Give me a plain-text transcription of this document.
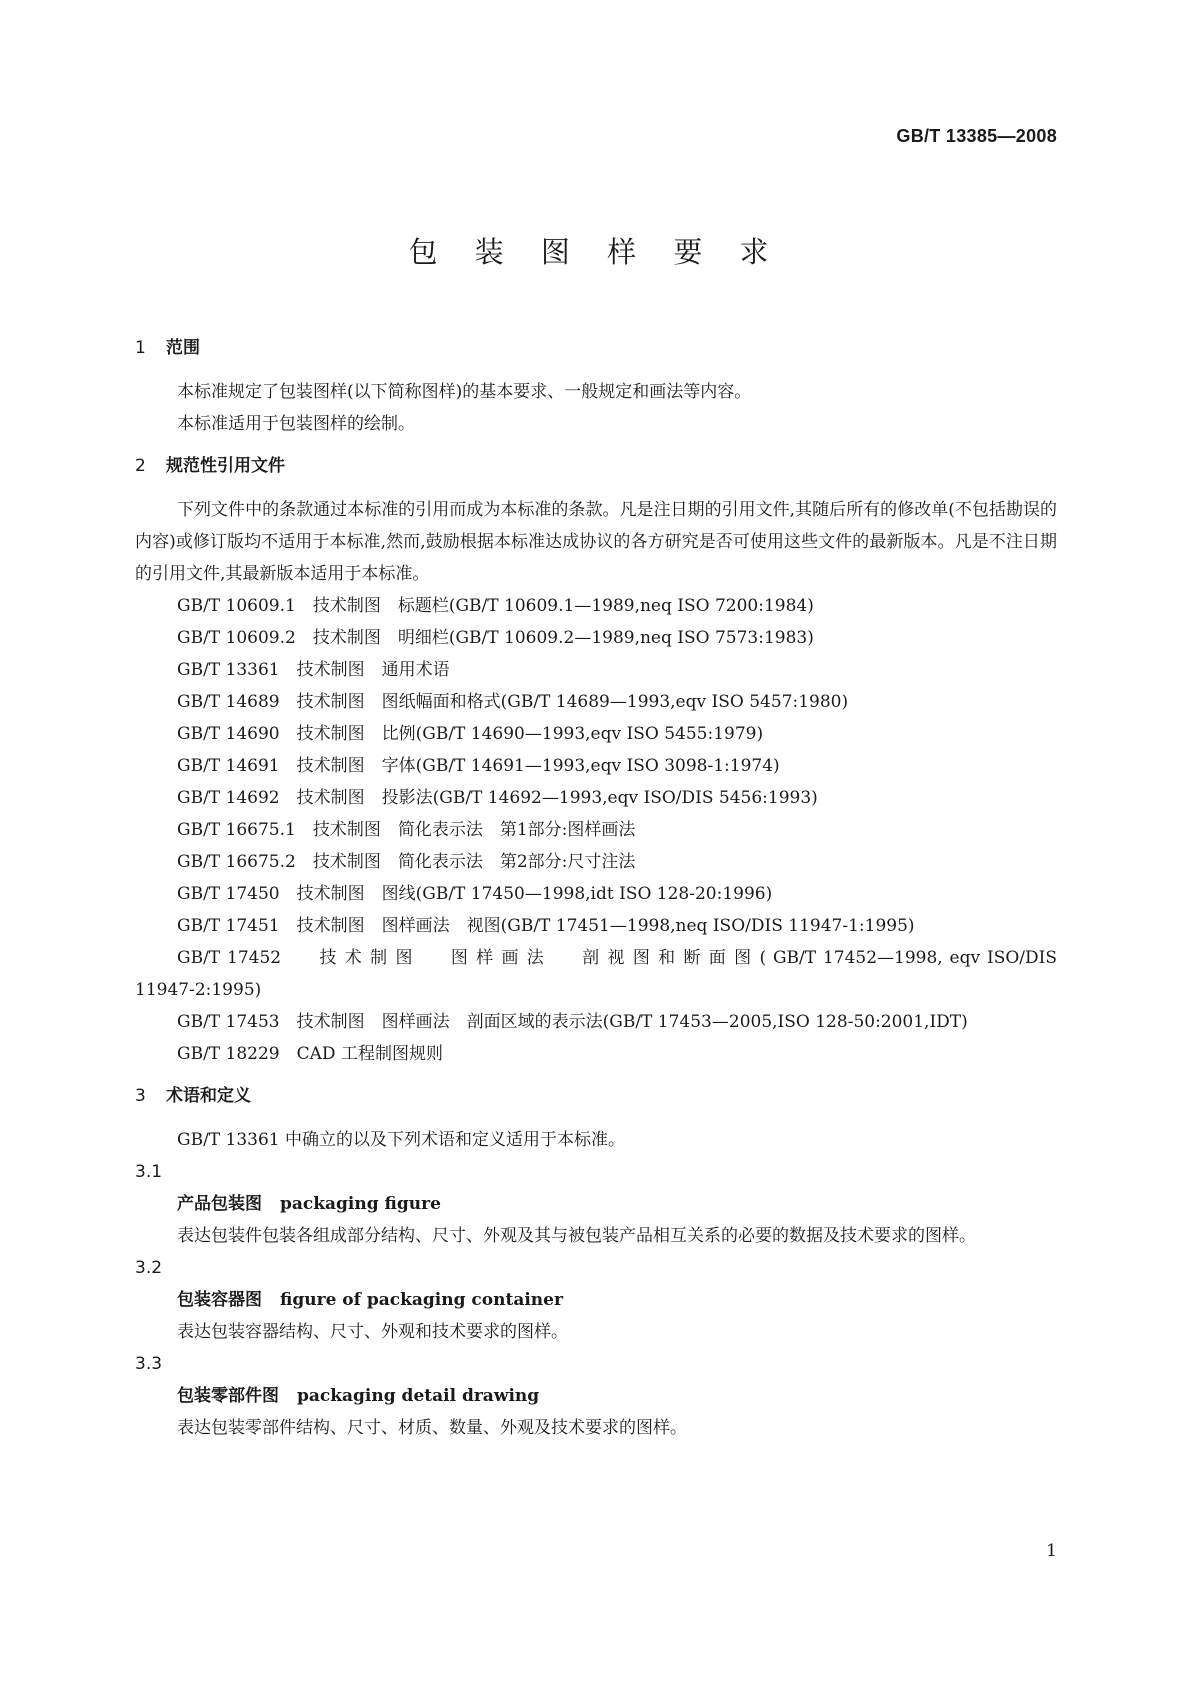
GB/T 13385—2008
包 装 图 样 要 求
1 范围

本标准规定了包装图样(以下简称图样)的基本要求、一般规定和画法等内容。

本标准适用于包装图样的绘制。

2 规范性引用文件

下列文件中的条款通过本标准的引用而成为本标准的条款。凡是注日期的引用文件,其随后所有的修改单(不包括勘误的内容)或修订版均不适用于本标准,然而,鼓励根据本标准达成协议的各方研究是否可使用这些文件的最新版本。凡是不注日期的引用文件,其最新版本适用于本标准。

GB/T 10609.1　技术制图　标题栏(GB/T 10609.1—1989,neq ISO 7200:1984)
GB/T 10609.2　技术制图　明细栏(GB/T 10609.2—1989,neq ISO 7573:1983)
GB/T 13361　技术制图　通用术语
GB/T 14689　技术制图　图纸幅面和格式(GB/T 14689—1993,eqv ISO 5457:1980)
GB/T 14690　技术制图　比例(GB/T 14690—1993,eqv ISO 5455:1979)
GB/T 14691　技术制图　字体(GB/T 14691—1993,eqv ISO 3098-1:1974)
GB/T 14692　技术制图　投影法(GB/T 14692—1993,eqv ISO/DIS 5456:1993)
GB/T 16675.1　技术制图　简化表示法　第1部分:图样画法
GB/T 16675.2　技术制图　简化表示法　第2部分:尺寸注法
GB/T 17450　技术制图　图线(GB/T 17450—1998,idt ISO 128-20:1996)
GB/T 17451　技术制图　图样画法　视图(GB/T 17451—1998,neq ISO/DIS 11947-1:1995)

GB/T 17452　　技 术 制 图　　图 样 画 法　　剖 视 图 和 断 面 图 ( GB/T 17452—1998, eqv ISO/DIS 11947-2:1995)

GB/T 17453　技术制图　图样画法　剖面区域的表示法(GB/T 17453—2005,ISO 128-50:2001,IDT)

GB/T 18229　CAD 工程制图规则
3 术语和定义

GB/T 13361 中确立的以及下列术语和定义适用于本标准。

3.1
产品包装图 packaging figure

表达包装件包装各组成部分结构、尺寸、外观及其与被包装产品相互关系的必要的数据及技术要求的图样。

3.2
包装容器图 figure of packaging container

表达包装容器结构、尺寸、外观和技术要求的图样。

3.3
包装零部件图 packaging detail drawing

表达包装零部件结构、尺寸、材质、数量、外观及技术要求的图样。

1
